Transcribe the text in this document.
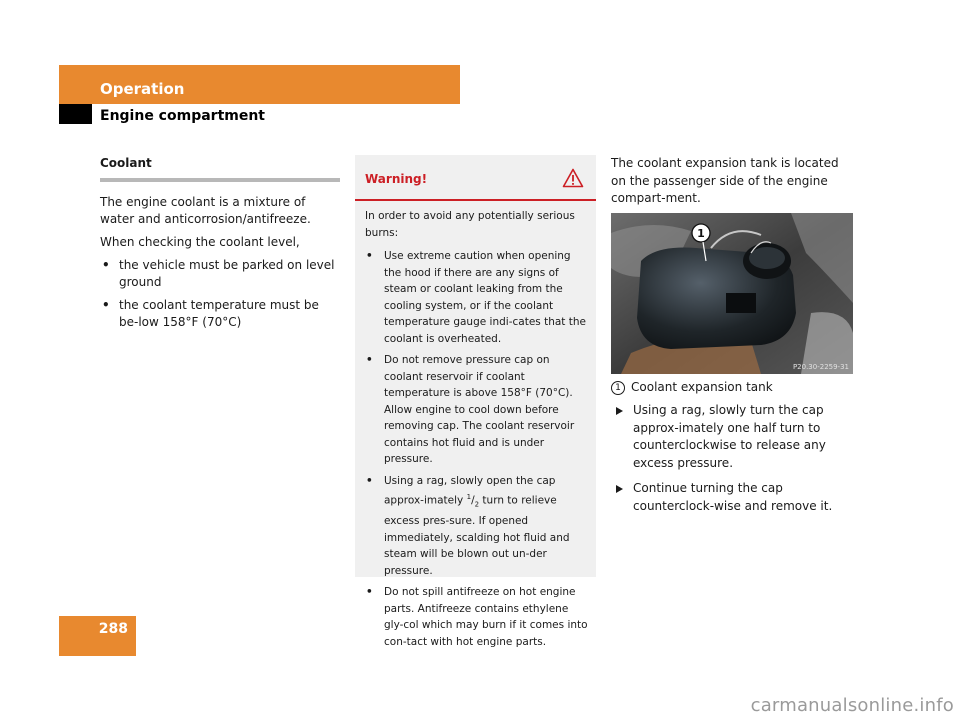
Operation
Engine compartment
Coolant

The engine coolant is a mixture of water and anticorrosion/antifreeze.

When checking the coolant level,

• the vehicle must be parked on level ground
• the coolant temperature must be be-low 158°F (70°C)
Warning!

In order to avoid any potentially serious burns:

• Use extreme caution when opening the hood if there are any signs of steam or coolant leaking from the cooling system, or if the coolant temperature gauge indi-cates that the coolant is overheated.
• Do not remove pressure cap on coolant reservoir if coolant temperature is above 158°F (70°C). Allow engine to cool down before removing cap. The coolant reservoir contains hot fluid and is under pressure.
• Using a rag, slowly open the cap approx-imately $^1/_2$ turn to relieve excess pres-sure. If opened immediately, scalding hot fluid and steam will be blown out un-der pressure.
• Do not spill antifreeze on hot engine parts. Antifreeze contains ethylene gly-col which may burn if it comes into con-tact with hot engine parts.

The coolant expansion tank is located on the passenger side of the engine compart-ment.

1
P20.30-2259-31
1 Coolant expansion tank
Using a rag, slowly turn the cap approx-imately one half turn to counterclockwise to release any excess pressure.
Continue turning the cap counterclock-wise and remove it.
288
carmanualsonline.info
